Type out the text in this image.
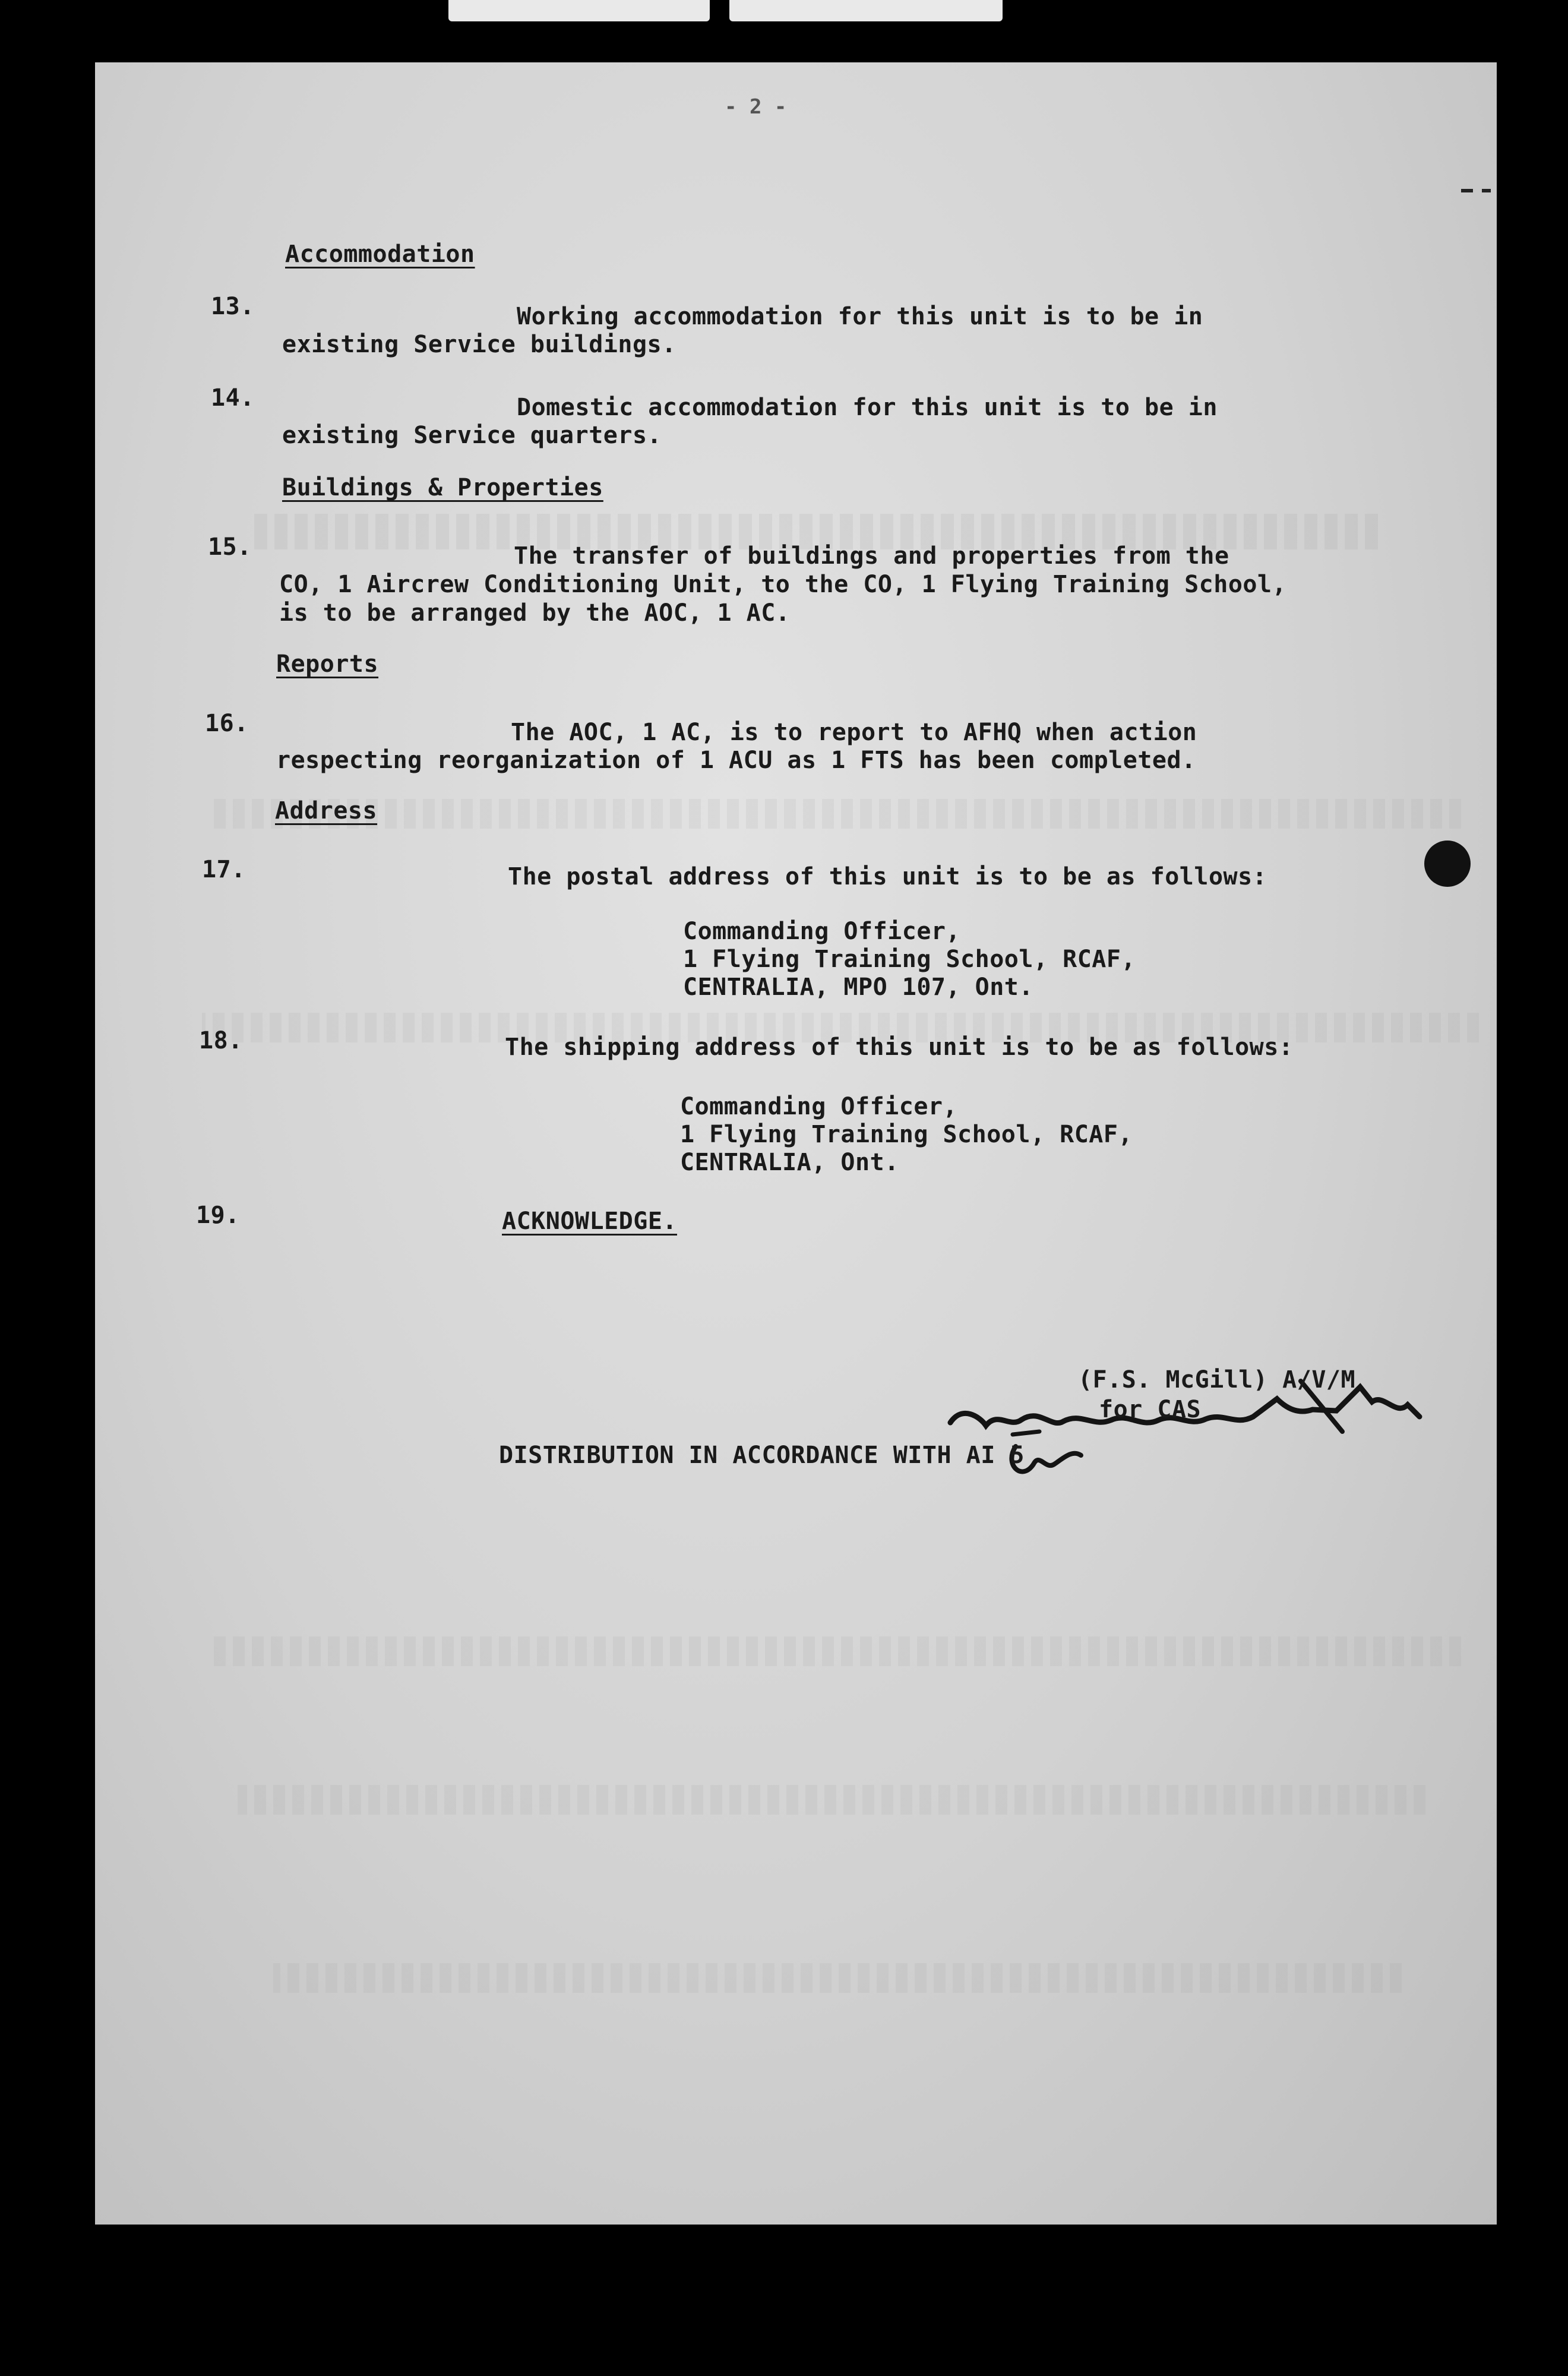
- 2 -
Accommodation
13.	Working accommodation for this unit is to be in
existing Service buildings.
14.	Domestic accommodation for this unit is to be in
existing Service quarters.
Buildings & Properties
15.	The transfer of buildings and properties from the
CO, 1 Aircrew Conditioning Unit, to the CO, 1 Flying Training School,
is to be arranged by the AOC, 1 AC.
Reports
16.	The AOC, 1 AC, is to report to AFHQ when action
respecting reorganization of 1 ACU as 1 FTS has been completed.
Address
17.	The postal address of this unit is to be as follows:
Commanding Officer,
1 Flying Training School, RCAF,
CENTRALIA, MPO 107, Ont.
18.	The shipping address of this unit is to be as follows:
Commanding Officer,
1 Flying Training School, RCAF,
CENTRALIA, Ont.
19.	ACKNOWLEDGE.
(F.S. McGill) A/V/M
for CAS
DISTRIBUTION IN ACCORDANCE WITH AI 5
